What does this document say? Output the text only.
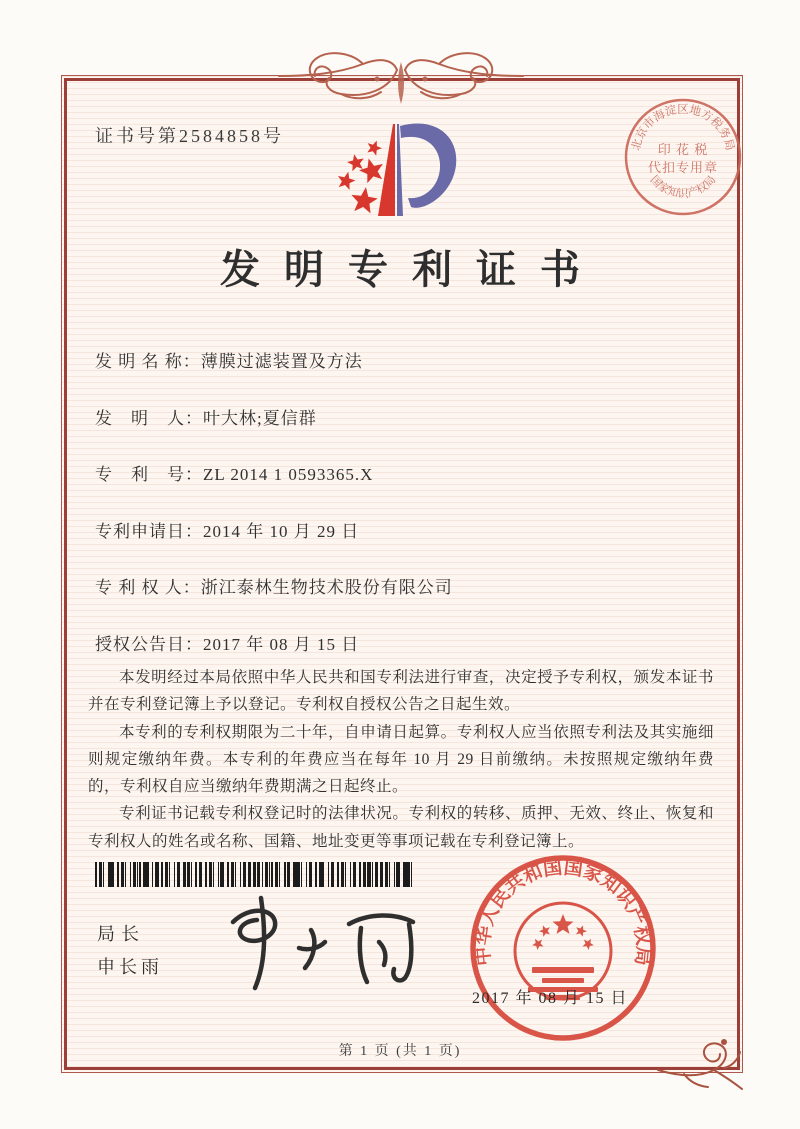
证书号第2584858号	北京市海淀区地方税务局
国家知识产权局
印 花 税
代扣专用章
发明专利证书
发 明 名 称：薄膜过滤装置及方法
发　明　人：叶大林;夏信群
专　利　号：ZL 2014 1 0593365.X
专利申请日：2014 年 10 月 29 日
专 利 权 人：浙江泰林生物技术股份有限公司
授权公告日：2017 年 08 月 15 日

本发明经过本局依照中华人民共和国专利法进行审查，决定授予专利权，颁发本证书并在专利登记簿上予以登记。专利权自授权公告之日起生效。

本专利的专利权期限为二十年，自申请日起算。专利权人应当依照专利法及其实施细则规定缴纳年费。本专利的年费应当在每年 10 月 29 日前缴纳。未按照规定缴纳年费的，专利权自应当缴纳年费期满之日起终止。

专利证书记载专利权登记时的法律状况。专利权的转移、质押、无效、终止、恢复和专利权人的姓名或名称、国籍、地址变更等事项记载在专利登记簿上。

局长
申长雨
中华人民共和国国家知识产权局
2017 年 08 月 15 日
第 1 页 (共 1 页)
